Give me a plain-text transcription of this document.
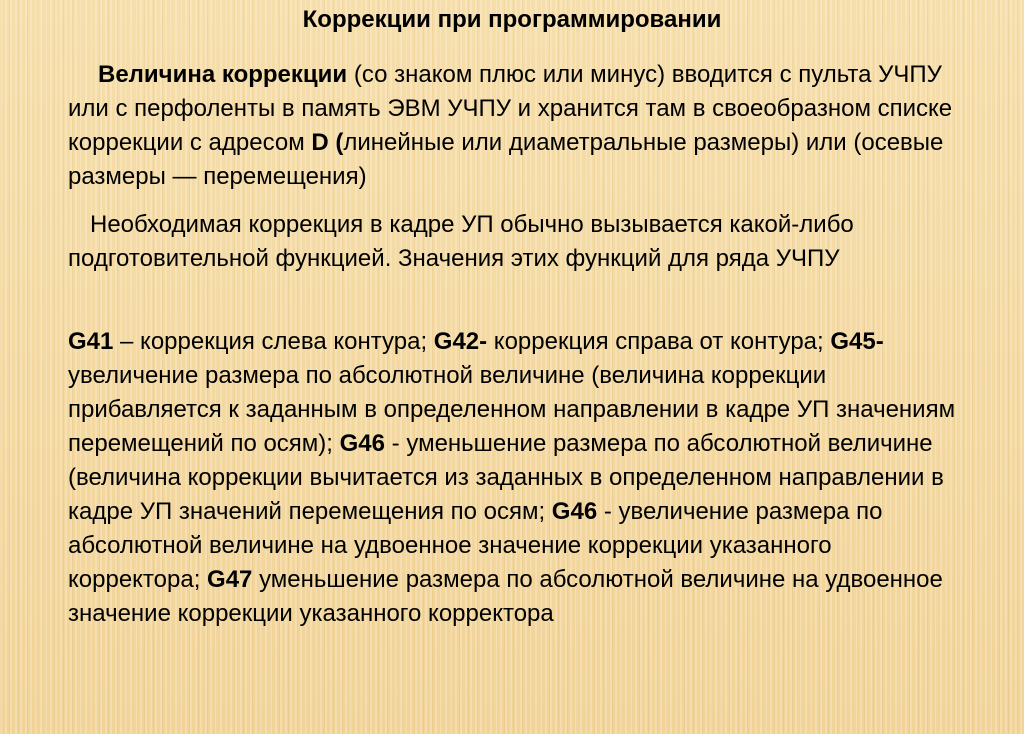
Коррекции при программировании

Величина коррекции (со знаком плюс или минус) вводится с пульта УЧПУ или с перфоленты в память ЭВМ УЧПУ и хранится там в своеобразном списке коррекции с адресом D (линейные или диаметральные размеры) или (осевые размеры — перемещения)

Необходимая коррекция в кадре УП обычно вызывается какой-либо подготовительной функцией. Значения этих функций для ряда УЧПУ

G41 – коррекция слева контура; G42- коррекция справа от контура; G45- увеличение размера по абсолютной величине (величина коррекции прибавляется к заданным в определенном направлении в кадре УП значениям перемещений по осям); G46 - уменьшение размера по абсолютной величине (величина коррекции вычитается из заданных в определенном направлении в кадре УП значений перемещения по осям; G46 - увеличение размера по абсолютной величине на удвоенное значение коррекции указанного корректора; G47 уменьшение размера по абсолютной величине на удвоенное значение коррекции указанного корректора
